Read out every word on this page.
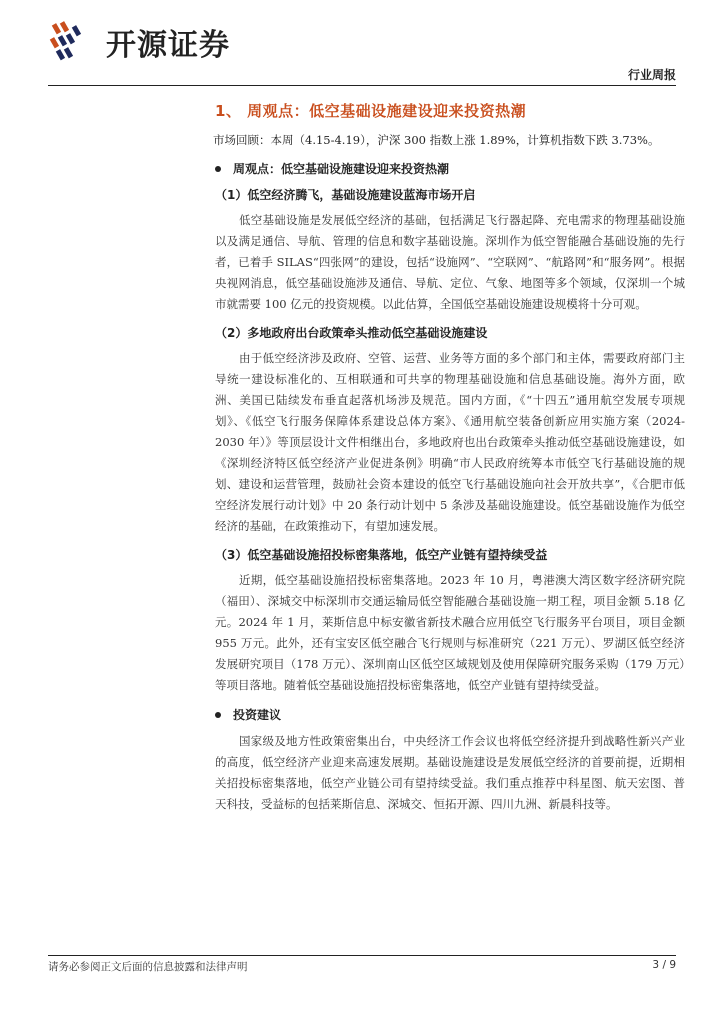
开源证券
行业周报
1、 周观点：低空基础设施建设迎来投资热潮
市场回顾：本周（4.15-4.19），沪深 300 指数上涨 1.89%，计算机指数下跌 3.73%。
周观点：低空基础设施建设迎来投资热潮
（1）低空经济腾飞，基础设施建设蓝海市场开启

低空基础设施是发展低空经济的基础，包括满足飞行器起降、充电需求的物理基础设施以及满足通信、导航、管理的信息和数字基础设施。深圳作为低空智能融合基础设施的先行者，已着手 SILAS“四张网”的建设，包括“设施网”、“空联网”、“航路网”和“服务网”。根据央视网消息，低空基础设施涉及通信、导航、定位、气象、地图等多个领域，仅深圳一个城市就需要 100 亿元的投资规模。以此估算，全国低空基础设施建设规模将十分可观。

（2）多地政府出台政策牵头推动低空基础设施建设

由于低空经济涉及政府、空管、运营、业务等方面的多个部门和主体，需要政府部门主导统一建设标准化的、互相联通和可共享的物理基础设施和信息基础设施。海外方面，欧洲、美国已陆续发布垂直起落机场涉及规范。国内方面，《“十四五”通用航空发展专项规划》、《低空飞行服务保障体系建设总体方案》、《通用航空装备创新应用实施方案（2024-2030 年）》等顶层设计文件相继出台，多地政府也出台政策牵头推动低空基础设施建设，如《深圳经济特区低空经济产业促进条例》明确“市人民政府统筹本市低空飞行基础设施的规划、建设和运营管理，鼓励社会资本建设的低空飞行基础设施向社会开放共享”，《合肥市低空经济发展行动计划》中 20 条行动计划中 5 条涉及基础设施建设。低空基础设施作为低空经济的基础，在政策推动下，有望加速发展。

（3）低空基础设施招投标密集落地，低空产业链有望持续受益

近期，低空基础设施招投标密集落地。2023 年 10 月，粤港澳大湾区数字经济研究院（福田）、深城交中标深圳市交通运输局低空智能融合基础设施一期工程，项目金额 5.18 亿元。2024 年 1 月，莱斯信息中标安徽省新技术融合应用低空飞行服务平台项目，项目金额 955 万元。此外，还有宝安区低空融合飞行规则与标准研究（221 万元）、罗湖区低空经济发展研究项目（178 万元）、深圳南山区低空区域规划及使用保障研究服务采购（179 万元）等项目落地。随着低空基础设施招投标密集落地，低空产业链有望持续受益。

投资建议

国家级及地方性政策密集出台，中央经济工作会议也将低空经济提升到战略性新兴产业的高度，低空经济产业迎来高速发展期。基础设施建设是发展低空经济的首要前提，近期相关招投标密集落地，低空产业链公司有望持续受益。我们重点推荐中科星图、航天宏图、普天科技，受益标的包括莱斯信息、深城交、恒拓开源、四川九洲、新晨科技等。

请务必参阅正文后面的信息披露和法律声明	3 / 9
